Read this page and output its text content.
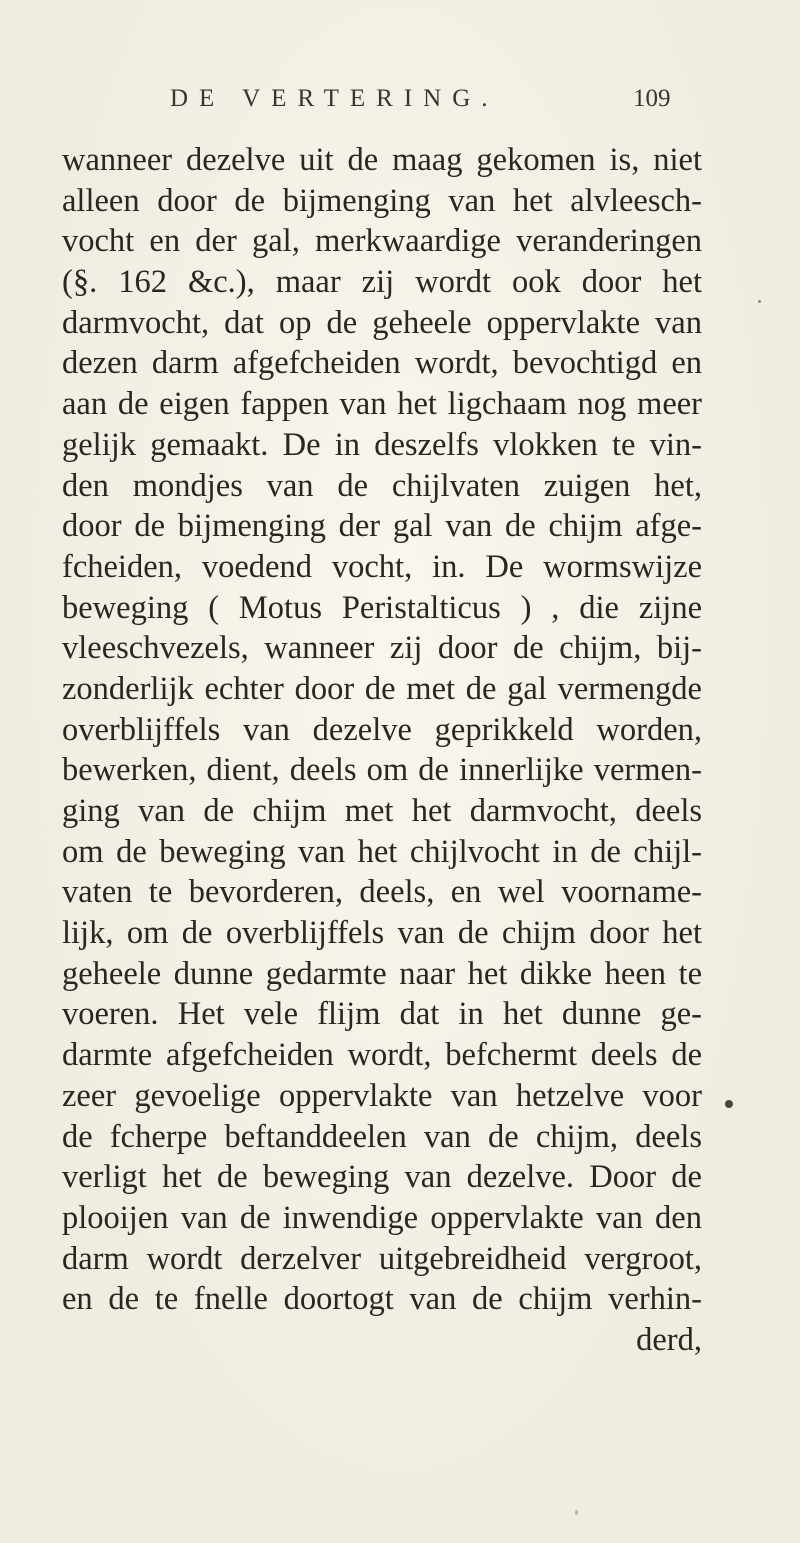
DE VERTERING.	109
wanneer dezelve uit de maag gekomen is, niet
alleen door de bijmenging van het alvleesch-
vocht en der gal, merkwaardige veranderingen
(§. 162 &c.), maar zij wordt ook door het
darmvocht, dat op de geheele oppervlakte van
dezen darm afgefcheiden wordt, bevochtigd en
aan de eigen fappen van het ligchaam nog meer
gelijk gemaakt. De in deszelfs vlokken te vin-
den mondjes van de chijlvaten zuigen het,
door de bijmenging der gal van de chijm afge-
fcheiden, voedend vocht, in. De wormswijze
beweging ( Motus Peristalticus ) , die zijne
vleeschvezels, wanneer zij door de chijm, bij-
zonderlijk echter door de met de gal vermengde
overblijffels van dezelve geprikkeld worden,
bewerken, dient, deels om de innerlijke vermen-
ging van de chijm met het darmvocht, deels
om de beweging van het chijlvocht in de chijl-
vaten te bevorderen, deels, en wel voorname-
lijk, om de overblijffels van de chijm door het
geheele dunne gedarmte naar het dikke heen te
voeren. Het vele flijm dat in het dunne ge-
darmte afgefcheiden wordt, befchermt deels de
zeer gevoelige oppervlakte van hetzelve voor
de fcherpe beftanddeelen van de chijm, deels
verligt het de beweging van dezelve. Door de
plooijen van de inwendige oppervlakte van den
darm wordt derzelver uitgebreidheid vergroot,
en de te fnelle doortogt van de chijm verhin-
derd,
